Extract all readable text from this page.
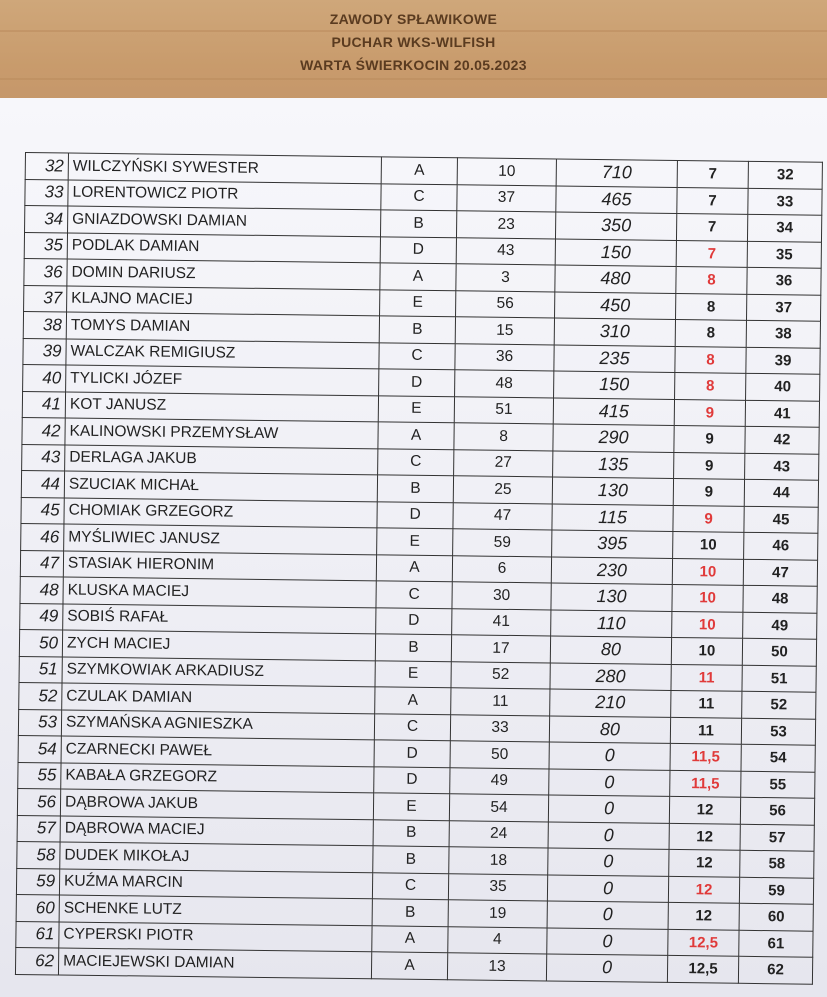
ZAWODY SPŁAWIKOWE
PUCHAR WKS-WILFISH
WARTA ŚWIERKOCIN 20.05.2023
32	WILCZYŃSKI SYWESTER	A	10	710	7	32
33	LORENTOWICZ PIOTR	C	37	465	7	33
34	GNIAZDOWSKI DAMIAN	B	23	350	7	34
35	PODLAK DAMIAN	D	43	150	7	35
36	DOMIN DARIUSZ	A	3	480	8	36
37	KLAJNO MACIEJ	E	56	450	8	37
38	TOMYS DAMIAN	B	15	310	8	38
39	WALCZAK REMIGIUSZ	C	36	235	8	39
40	TYLICKI JÓZEF	D	48	150	8	40
41	KOT JANUSZ	E	51	415	9	41
42	KALINOWSKI PRZEMYSŁAW	A	8	290	9	42
43	DERLAGA JAKUB	C	27	135	9	43
44	SZUCIAK MICHAŁ	B	25	130	9	44
45	CHOMIAK GRZEGORZ	D	47	115	9	45
46	MYŚLIWIEC JANUSZ	E	59	395	10	46
47	STASIAK HIERONIM	A	6	230	10	47
48	KLUSKA MACIEJ	C	30	130	10	48
49	SOBIŚ RAFAŁ	D	41	110	10	49
50	ZYCH MACIEJ	B	17	80	10	50
51	SZYMKOWIAK ARKADIUSZ	E	52	280	11	51
52	CZULAK DAMIAN	A	11	210	11	52
53	SZYMAŃSKA AGNIESZKA	C	33	80	11	53
54	CZARNECKI PAWEŁ	D	50	0	11,5	54
55	KABAŁA GRZEGORZ	D	49	0	11,5	55
56	DĄBROWA JAKUB	E	54	0	12	56
57	DĄBROWA MACIEJ	B	24	0	12	57
58	DUDEK MIKOŁAJ	B	18	0	12	58
59	KUŹMA MARCIN	C	35	0	12	59
60	SCHENKE LUTZ	B	19	0	12	60
61	CYPERSKI PIOTR	A	4	0	12,5	61
62	MACIEJEWSKI DAMIAN	A	13	0	12,5	62
